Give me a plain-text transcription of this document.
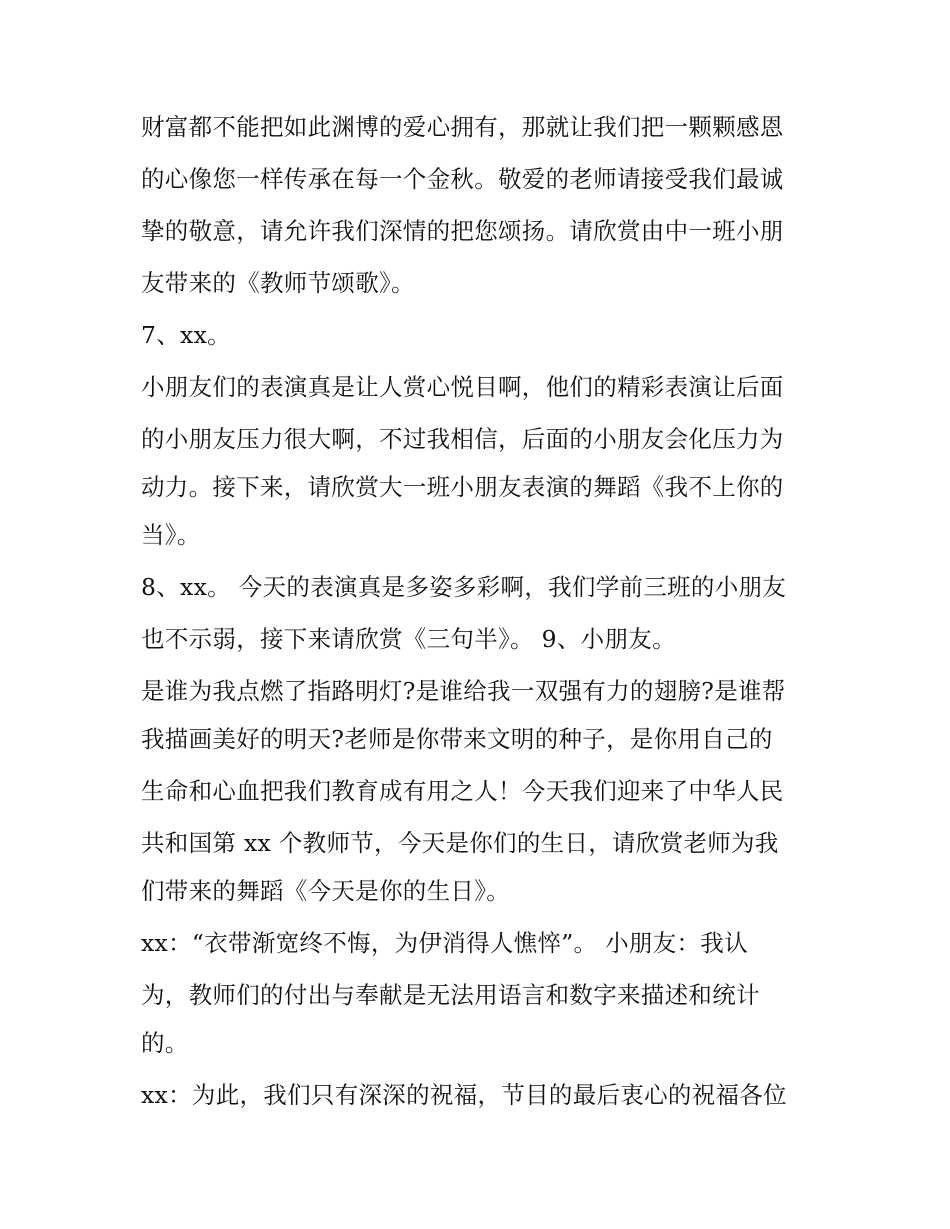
财富都不能把如此渊博的爱心拥有，那就让我们把一颗颗感恩
的心像您一样传承在每一个金秋。敬爱的老师请接受我们最诚
挚的敬意，请允许我们深情的把您颂扬。请欣赏由中一班小朋
友带来的《教师节颂歌》。
7、xx。
小朋友们的表演真是让人赏心悦目啊，他们的精彩表演让后面
的小朋友压力很大啊，不过我相信，后面的小朋友会化压力为
动力。接下来，请欣赏大一班小朋友表演的舞蹈《我不上你的
当》。
8、xx。 今天的表演真是多姿多彩啊，我们学前三班的小朋友
也不示弱，接下来请欣赏《三句半》。 9、小朋友。
是谁为我点燃了指路明灯?是谁给我一双强有力的翅膀?是谁帮
我描画美好的明天?老师是你带来文明的种子，是你用自己的
生命和心血把我们教育成有用之人！今天我们迎来了中华人民
共和国第 xx 个教师节，今天是你们的生日，请欣赏老师为我
们带来的舞蹈《今天是你的生日》。
xx：“衣带渐宽终不悔，为伊消得人憔悴”。 小朋友：我认
为，教师们的付出与奉献是无法用语言和数字来描述和统计
的。
xx：为此，我们只有深深的祝福，节目的最后衷心的祝福各位
